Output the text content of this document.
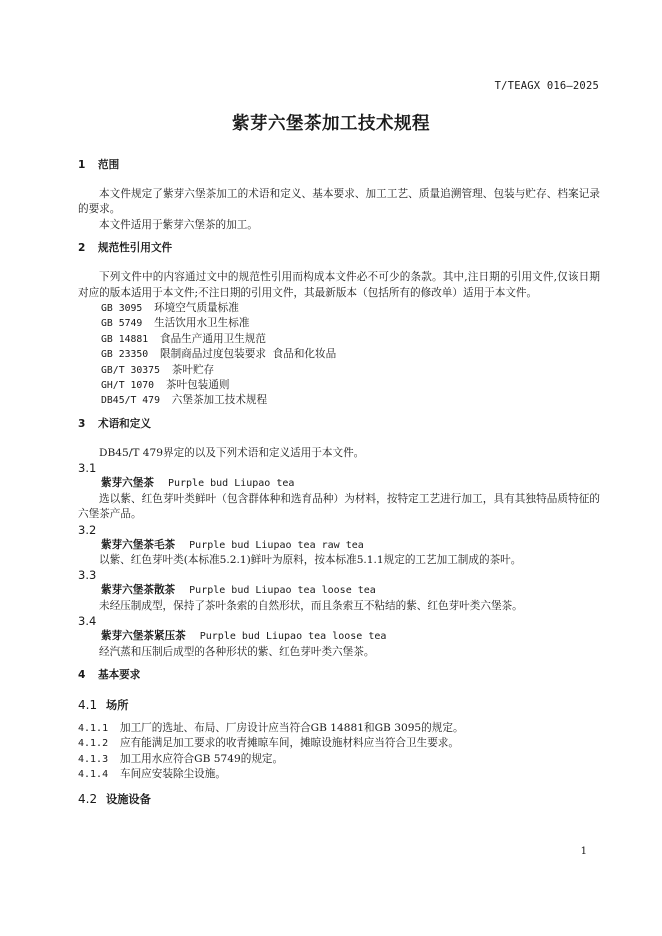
T/TEAGX 016—2025
紫芽六堡茶加工技术规程
1 范围
本文件规定了紫芽六堡茶加工的术语和定义、基本要求、加工工艺、质量追溯管理、包装与贮存、档案记录的要求。
本文件适用于紫芽六堡茶的加工。
2 规范性引用文件
下列文件中的内容通过文中的规范性引用而构成本文件必不可少的条款。其中,注日期的引用文件,仅该日期对应的版本适用于本文件;不注日期的引用文件，其最新版本（包括所有的修改单）适用于本文件。
GB 3095 环境空气质量标准
GB 5749 生活饮用水卫生标准
GB 14881 食品生产通用卫生规范
GB 23350 限制商品过度包装要求  食品和化妆品
GB/T 30375 茶叶贮存
GH/T 1070 茶叶包装通则
DB45/T 479 六堡茶加工技术规程
3 术语和定义
DB45/T 479界定的以及下列术语和定义适用于本文件。
3.1
紫芽六堡茶 Purple bud Liupao tea
选以紫、红色芽叶类鲜叶（包含群体种和选育品种）为材料，按特定工艺进行加工，具有其独特品质特征的六堡茶产品。
3.2
紫芽六堡茶毛茶 Purple bud Liupao tea raw tea
以紫、红色芽叶类(本标准5.2.1)鲜叶为原料，按本标准5.1.1规定的工艺加工制成的茶叶。
3.3
紫芽六堡茶散茶 Purple bud Liupao tea loose tea
未经压制成型，保持了茶叶条索的自然形状，而且条索互不粘结的紫、红色芽叶类六堡茶。
3.4
紫芽六堡茶紧压茶 Purple bud Liupao tea loose tea
经汽蒸和压制后成型的各种形状的紫、红色芽叶类六堡茶。
4 基本要求
4.1 场所
4.1.1 加工厂的选址、布局、厂房设计应当符合GB 14881和GB 3095的规定。
4.1.2 应有能满足加工要求的收青摊晾车间，摊晾设施材料应当符合卫生要求。
4.1.3 加工用水应符合GB 5749的规定。
4.1.4 车间应安装除尘设施。
4.2 设施设备
1
